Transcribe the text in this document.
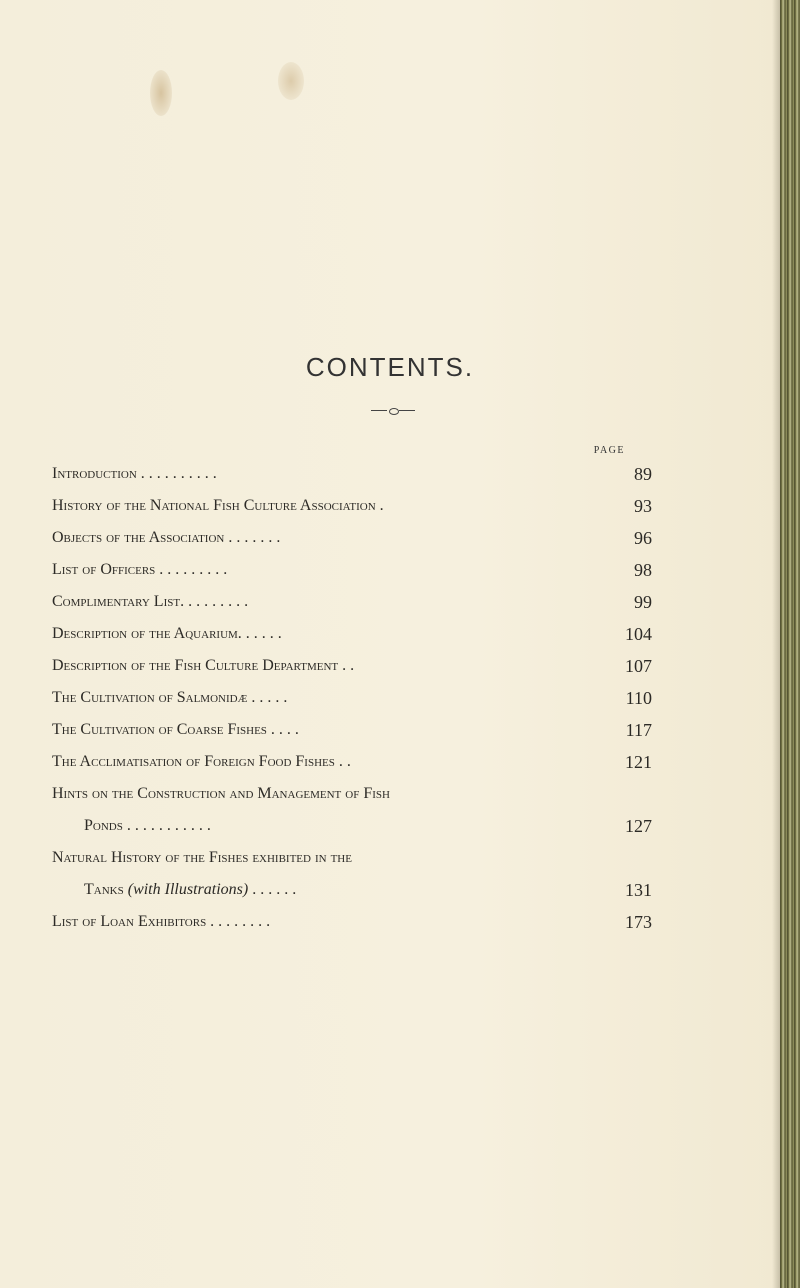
CONTENTS.
PAGE
Introduction . . . . . . . . . .	89
History of the National Fish Culture Association .	93
Objects of the Association . . . . . . .	96
List of Officers . . . . . . . . .	98
Complimentary List. . . . . . . . .	99
Description of the Aquarium. . . . . .	104
Description of the Fish Culture Department . .	107
The Cultivation of Salmonidæ . . . . .	110
The Cultivation of Coarse Fishes . . . .	117
The Acclimatisation of Foreign Food Fishes . .	121
Hints on the Construction and Management of Fish
Ponds . . . . . . . . . . .	127
Natural History of the Fishes exhibited in the
Tanks (with Illustrations) . . . . . .	131
List of Loan Exhibitors . . . . . . . .	173
